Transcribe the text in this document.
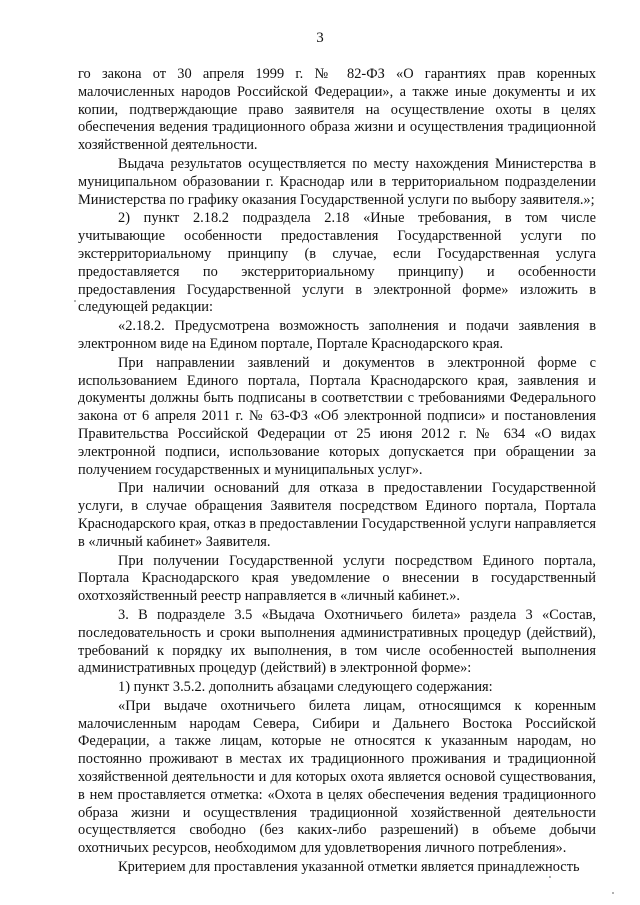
3

го закона от 30 апреля 1999 г. № 82-ФЗ «О гарантиях прав коренных малочисленных народов Российской Федерации», а также иные документы и их копии, подтверждающие право заявителя на осуществление охоты в целях обеспечения ведения традиционного образа жизни и осуществления традиционной хозяйственной деятельности.

Выдача результатов осуществляется по месту нахождения Министерства в муниципальном образовании г. Краснодар или в территориальном подразделении Министерства по графику оказания Государственной услуги по выбору заявителя.»;

2) пункт 2.18.2 подраздела 2.18 «Иные требования, в том числе учитывающие особенности предоставления Государственной услуги по экстерриториальному принципу (в случае, если Государственная услуга предоставляется по экстерриториальному принципу) и особенности предоставления Государственной услуги в электронной форме» изложить в следующей редакции:

«2.18.2. Предусмотрена возможность заполнения и подачи заявления в электронном виде на Едином портале, Портале Краснодарского края.

При направлении заявлений и документов в электронной форме с использованием Единого портала, Портала Краснодарского края, заявления и документы должны быть подписаны в соответствии с требованиями Федерального закона от 6 апреля 2011 г. № 63-ФЗ «Об электронной подписи» и постановления Правительства Российской Федерации от 25 июня 2012 г. № 634 «О видах электронной подписи, использование которых допускается при обращении за получением государственных и муниципальных услуг».

При наличии оснований для отказа в предоставлении Государственной услуги, в случае обращения Заявителя посредством Единого портала, Портала Краснодарского края, отказ в предоставлении Государственной услуги направляется в «личный кабинет» Заявителя.

При получении Государственной услуги посредством Единого портала, Портала Краснодарского края уведомление о внесении в государственный охотхозяйственный реестр направляется в «личный кабинет.».

3. В подразделе 3.5 «Выдача Охотничьего билета» раздела 3 «Состав, последовательность и сроки выполнения административных процедур (действий), требований к порядку их выполнения, в том числе особенностей выполнения административных процедур (действий) в электронной форме»:

1) пункт 3.5.2. дополнить абзацами следующего содержания:

«При выдаче охотничьего билета лицам, относящимся к коренным малочисленным народам Севера, Сибири и Дальнего Востока Российской Федерации, а также лицам, которые не относятся к указанным народам, но постоянно проживают в местах их традиционного проживания и традиционной хозяйственной деятельности и для которых охота является основой существования, в нем проставляется отметка: «Охота в целях обеспечения ведения традиционного образа жизни и осуществления традиционной хозяйственной деятельности осуществляется свободно (без каких-либо разрешений) в объеме добычи охотничьих ресурсов, необходимом для удовлетворения личного потребления».

Критерием для проставления указанной отметки является принадлежность
